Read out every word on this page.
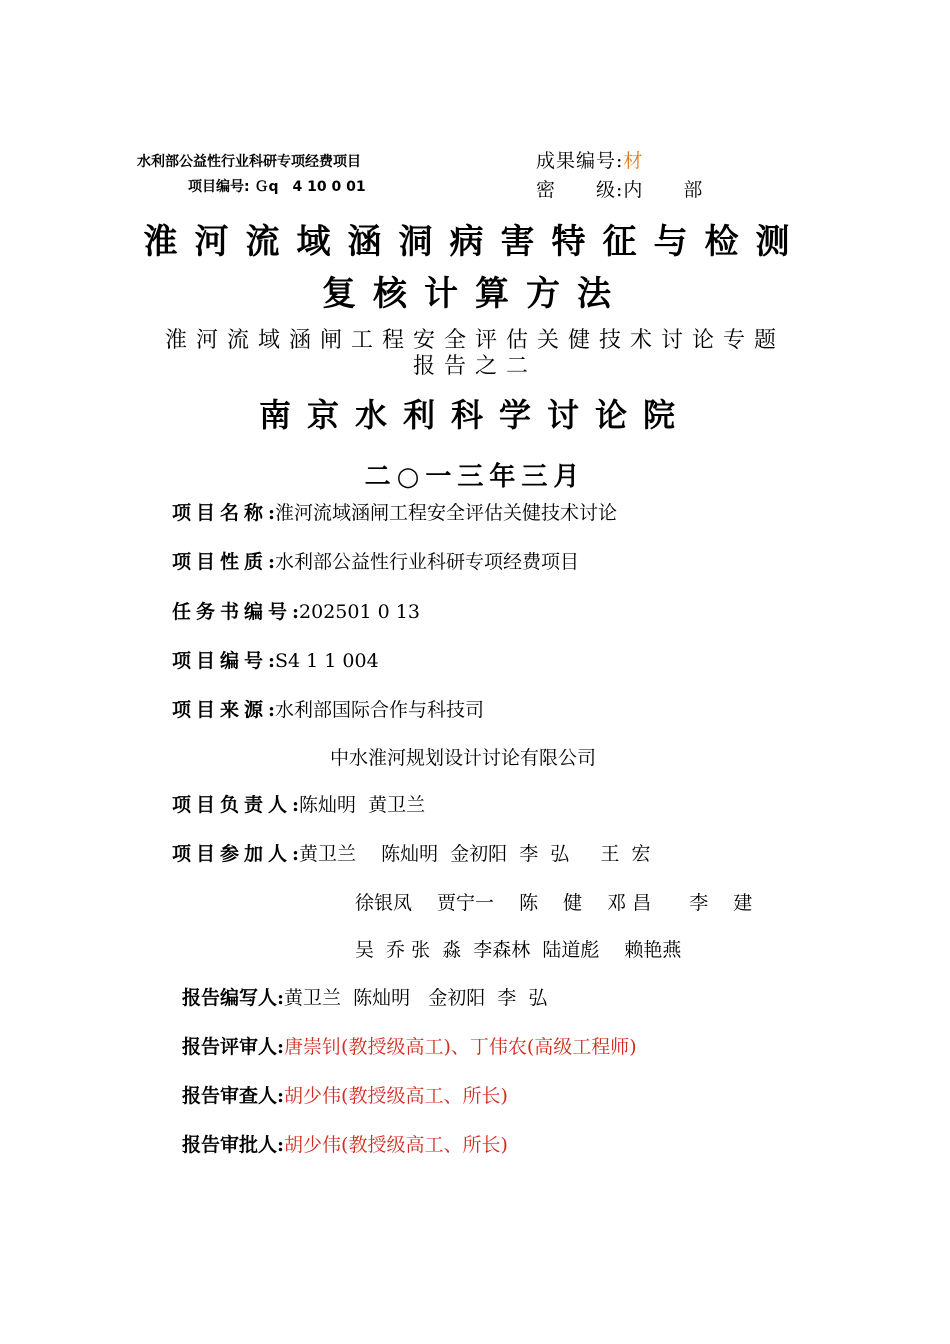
水利部公益性行业科研专项经费项目
项目编号: Ｇq　4 10 0 01
成果编号:材
密　　级:内　　部
淮河流域涵洞病害特征与检测
复核计算方法
淮河流域涵闸工程安全评估关健技术讨论专题
报告之二
南京水利科学讨论院
二○一三年三月
项目名称:淮河流域涵闸工程安全评估关健技术讨论
项目性质:水利部公益性行业科研专项经费项目
任务书编号:202501 0 13
项目编号:S4 1 1 004
项目来源:水利部国际合作与科技司
中水淮河规划设计讨论有限公司
项目负责人:陈灿明  黄卫兰
项目参加人:黄卫兰　 陈灿明  金初阳  李  弘　  王  宏
徐银凤　 贾宁一　 陈　 健　 邓 昌　　李　 建
吴  乔 张  淼  李森林  陆道彪　 赖艳燕
报告编写人:黄卫兰  陈灿明   金初阳  李  弘
报告评审人:唐崇钊(教授级高工)、丁伟农(高级工程师)
报告审查人:胡少伟(教授级高工、所长)
报告审批人:胡少伟(教授级高工、所长)
